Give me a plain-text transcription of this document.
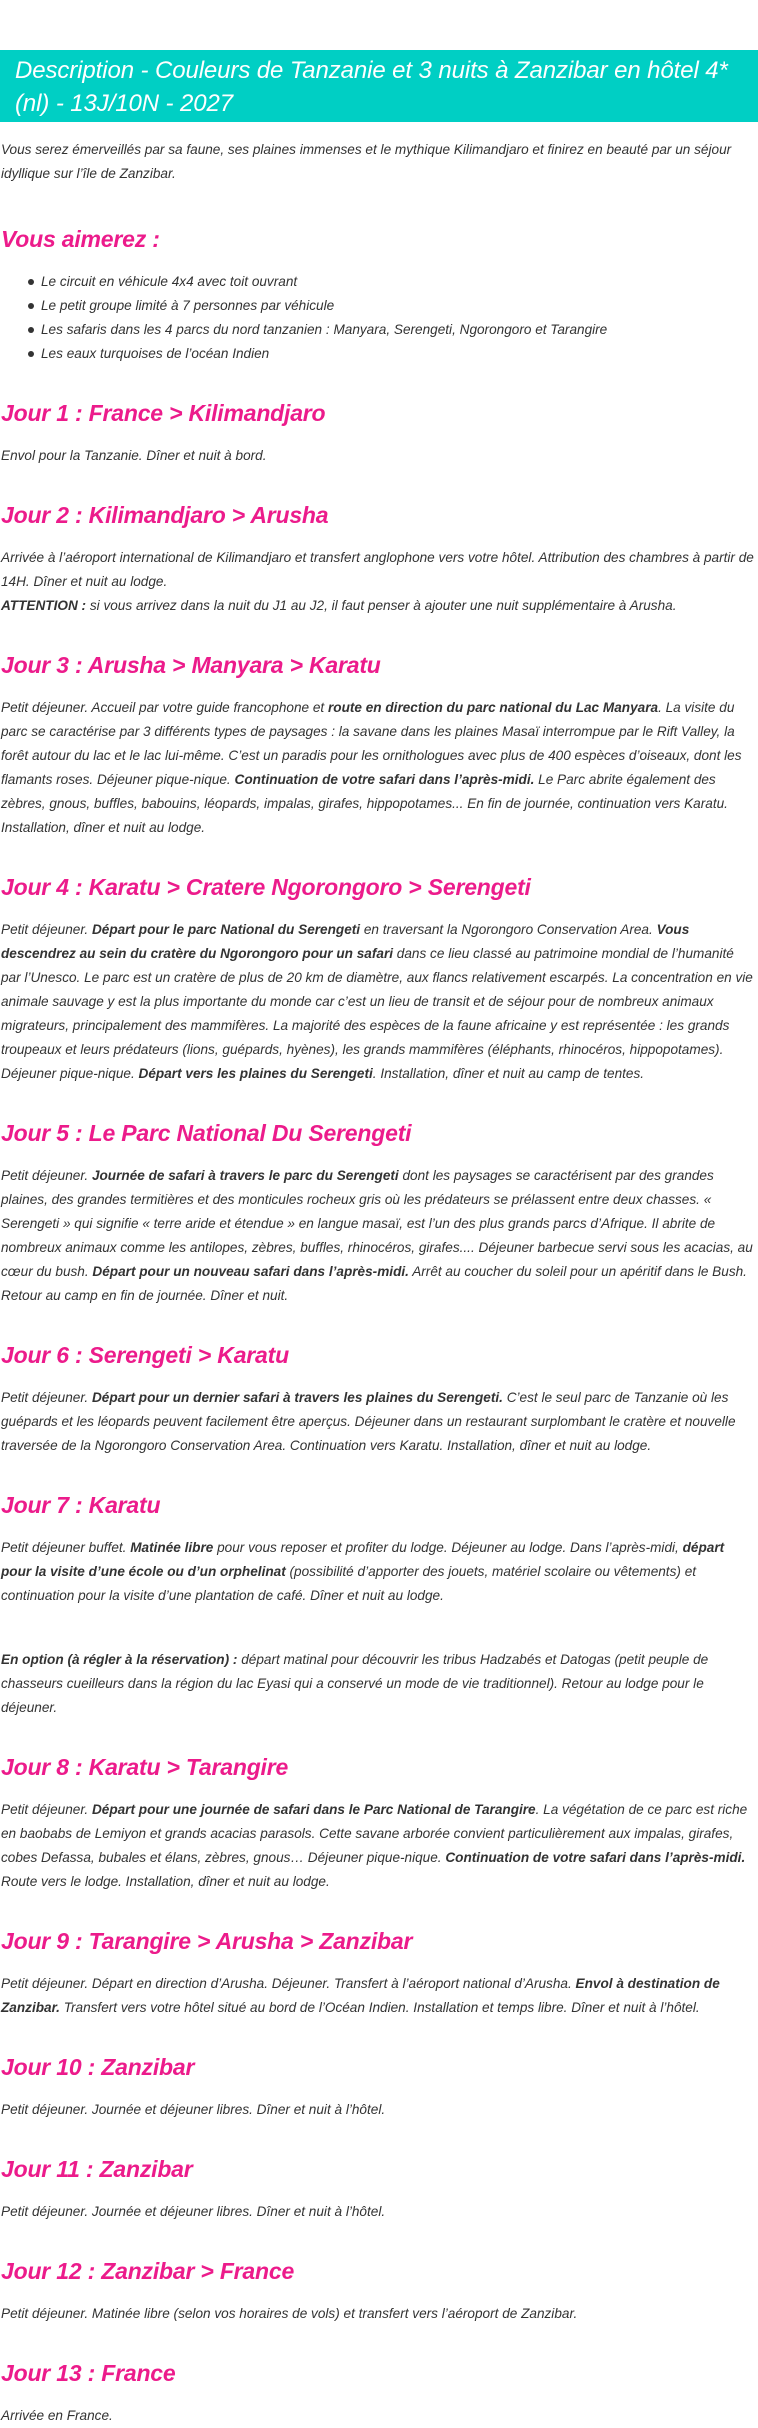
Description - Couleurs de Tanzanie et 3 nuits à Zanzibar en hôtel 4*(nl) - 13J/10N - 2027

Vous serez émerveillés par sa faune, ses plaines immenses et le mythique Kilimandjaro et finirez en beauté par un séjour idyllique sur l’île de Zanzibar.

Vous aimerez :
Le circuit en véhicule 4x4 avec toit ouvrant
Le petit groupe limité à 7 personnes par véhicule
Les safaris dans les 4 parcs du nord tanzanien : Manyara, Serengeti, Ngorongoro et Tarangire
Les eaux turquoises de l’océan Indien
Jour 1 : France > Kilimandjaro

Envol pour la Tanzanie. Dîner et nuit à bord.

Jour 2 : Kilimandjaro > Arusha

Arrivée à l’aéroport international de Kilimandjaro et transfert anglophone vers votre hôtel. Attribution des chambres à partir de 14H. Dîner et nuit au lodge.
ATTENTION : si vous arrivez dans la nuit du J1 au J2, il faut penser à ajouter une nuit supplémentaire à Arusha.

Jour 3 : Arusha > Manyara > Karatu

Petit déjeuner. Accueil par votre guide francophone et route en direction du parc national du Lac Manyara. La visite du parc se caractérise par 3 différents types de paysages : la savane dans les plaines Masaï interrompue par le Rift Valley, la forêt autour du lac et le lac lui-même. C’est un paradis pour les ornithologues avec plus de 400 espèces d’oiseaux, dont les flamants roses. Déjeuner pique-nique. Continuation de votre safari dans l’après-midi. Le Parc abrite également des zèbres, gnous, buffles, babouins, léopards, impalas, girafes, hippopotames... En fin de journée, continuation vers Karatu. Installation, dîner et nuit au lodge.

Jour 4 : Karatu > Cratere Ngorongoro > Serengeti

Petit déjeuner. Départ pour le parc National du Serengeti en traversant la Ngorongoro Conservation Area. Vous descendrez au sein du cratère du Ngorongoro pour un safari dans ce lieu classé au patrimoine mondial de l’humanité par l’Unesco. Le parc est un cratère de plus de 20 km de diamètre, aux flancs relativement escarpés. La concentration en vie animale sauvage y est la plus importante du monde car c’est un lieu de transit et de séjour pour de nombreux animaux migrateurs, principalement des mammifères. La majorité des espèces de la faune africaine y est représentée : les grands troupeaux et leurs prédateurs (lions, guépards, hyènes), les grands mammifères (éléphants, rhinocéros, hippopotames). Déjeuner pique-nique. Départ vers les plaines du Serengeti. Installation, dîner et nuit au camp de tentes.

Jour 5 : Le Parc National Du Serengeti

Petit déjeuner. Journée de safari à travers le parc du Serengeti dont les paysages se caractérisent par des grandes plaines, des grandes termitières et des monticules rocheux gris où les prédateurs se prélassent entre deux chasses. « Serengeti » qui signifie « terre aride et étendue » en langue masaï, est l’un des plus grands parcs d’Afrique. Il abrite de nombreux animaux comme les antilopes, zèbres, buffles, rhinocéros, girafes.... Déjeuner barbecue servi sous les acacias, au cœur du bush. Départ pour un nouveau safari dans l’après-midi. Arrêt au coucher du soleil pour un apéritif dans le Bush. Retour au camp en fin de journée. Dîner et nuit.

Jour 6 : Serengeti > Karatu

Petit déjeuner. Départ pour un dernier safari à travers les plaines du Serengeti. C’est le seul parc de Tanzanie où les guépards et les léopards peuvent facilement être aperçus. Déjeuner dans un restaurant surplombant le cratère et nouvelle traversée de la Ngorongoro Conservation Area. Continuation vers Karatu. Installation, dîner et nuit au lodge.

Jour 7 : Karatu

Petit déjeuner buffet. Matinée libre pour vous reposer et profiter du lodge. Déjeuner au lodge. Dans l’après-midi, départ pour la visite d’une école ou d’un orphelinat (possibilité d’apporter des jouets, matériel scolaire ou vêtements) et continuation pour la visite d’une plantation de café. Dîner et nuit au lodge.

En option (à régler à la réservation) : départ matinal pour découvrir les tribus Hadzabés et Datogas (petit peuple de chasseurs cueilleurs dans la région du lac Eyasi qui a conservé un mode de vie traditionnel). Retour au lodge pour le déjeuner.

Jour 8 : Karatu > Tarangire

Petit déjeuner. Départ pour une journée de safari dans le Parc National de Tarangire. La végétation de ce parc est riche en baobabs de Lemiyon et grands acacias parasols. Cette savane arborée convient particulièrement aux impalas, girafes, cobes Defassa, bubales et élans, zèbres, gnous… Déjeuner pique-nique. Continuation de votre safari dans l’après-midi. Route vers le lodge. Installation, dîner et nuit au lodge.

Jour 9 : Tarangire > Arusha > Zanzibar

Petit déjeuner. Départ en direction d’Arusha. Déjeuner. Transfert à l’aéroport national d’Arusha. Envol à destination de Zanzibar. Transfert vers votre hôtel situé au bord de l’Océan Indien. Installation et temps libre. Dîner et nuit à l’hôtel.

Jour 10 : Zanzibar

Petit déjeuner. Journée et déjeuner libres. Dîner et nuit à l’hôtel.

Jour 11 : Zanzibar

Petit déjeuner. Journée et déjeuner libres. Dîner et nuit à l’hôtel.

Jour 12 : Zanzibar > France

Petit déjeuner. Matinée libre (selon vos horaires de vols) et transfert vers l’aéroport de Zanzibar.

Jour 13 : France

Arrivée en France.
